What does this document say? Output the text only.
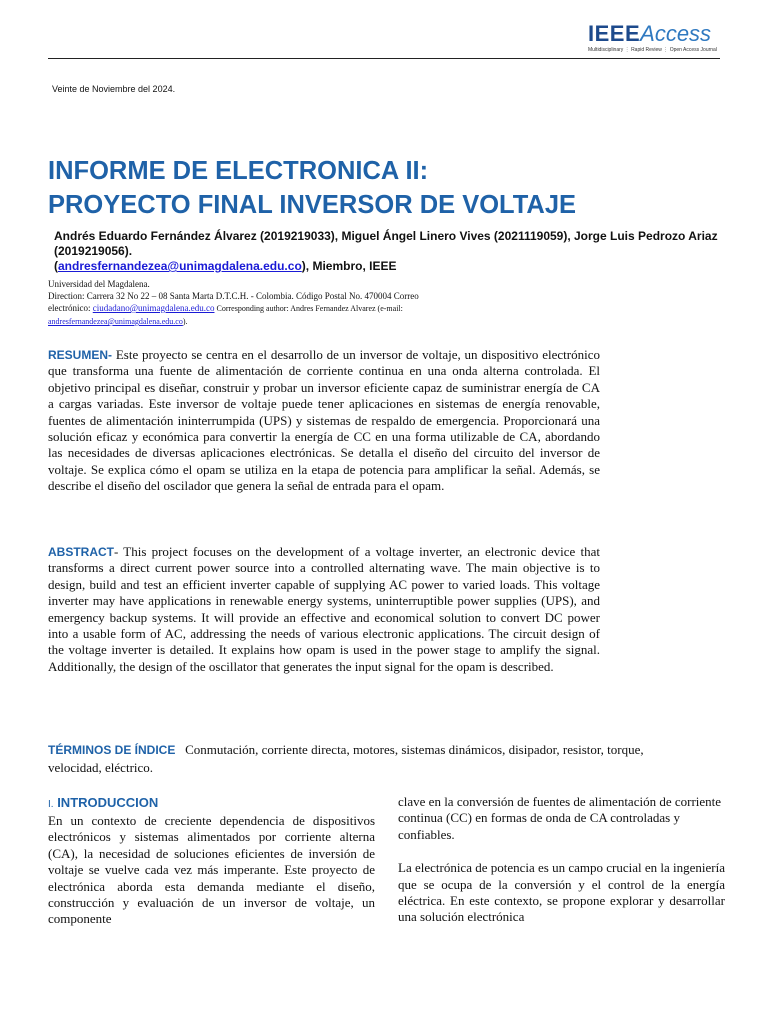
IEEEAccess
Multidisciplinary ⋮ Rapid Review ⋮ Open Access Journal
Veinte de Noviembre del 2024.
INFORME DE ELECTRONICA II:
PROYECTO FINAL INVERSOR DE VOLTAJE
Andrés Eduardo Fernández Álvarez (2019219033), Miguel Ángel Linero Vives (2021119059), Jorge Luis Pedrozo Ariaz (2019219056).
(andresfernandezea@unimagdalena.edu.co), Miembro, IEEE
Universidad del Magdalena.
Direction: Carrera 32 No 22 – 08 Santa Marta D.T.C.H. - Colombia. Código Postal No. 470004 Correo electrónico: ciudadano@unimagdalena.edu.co Corresponding author: Andres Fernandez Alvarez (e-mail: andresfernandezea@unimagdalena.edu.co).
RESUMEN- Este proyecto se centra en el desarrollo de un inversor de voltaje, un dispositivo electrónico que transforma una fuente de alimentación de corriente continua en una onda alterna controlada. El objetivo principal es diseñar, construir y probar un inversor eficiente capaz de suministrar energía de CA a cargas variadas. Este inversor de voltaje puede tener aplicaciones en sistemas de energía renovable, fuentes de alimentación ininterrumpida (UPS) y sistemas de respaldo de emergencia. Proporcionará una solución eficaz y económica para convertir la energía de CC en una forma utilizable de CA, abordando las necesidades de diversas aplicaciones electrónicas. Se detalla el diseño del circuito del inversor de voltaje. Se explica cómo el opam se utiliza en la etapa de potencia para amplificar la señal. Además, se describe el diseño del oscilador que genera la señal de entrada para el opam.
ABSTRACT- This project focuses on the development of a voltage inverter, an electronic device that transforms a direct current power source into a controlled alternating wave. The main objective is to design, build and test an efficient inverter capable of supplying AC power to varied loads. This voltage inverter may have applications in renewable energy systems, uninterruptible power supplies (UPS), and emergency backup systems. It will provide an effective and economical solution to convert DC power into a usable form of AC, addressing the needs of various electronic applications. The circuit design of the voltage inverter is detailed. It explains how opam is used in the power stage to amplify the signal. Additionally, the design of the oscillator that generates the input signal for the opam is described.
TÉRMINOS DE ÍNDICE Conmutación, corriente directa, motores, sistemas dinámicos, disipador, resistor, torque, velocidad, eléctrico.
I. INTRODUCCION

En un contexto de creciente dependencia de dispositivos electrónicos y sistemas alimentados por corriente alterna (CA), la necesidad de soluciones eficientes de inversión de voltaje se vuelve cada vez más imperante. Este proyecto de electrónica aborda esta demanda mediante el diseño, construcción y evaluación de un inversor de voltaje, un componente

clave en la conversión de fuentes de alimentación de corriente

continua (CC) en formas de onda de CA controladas y confiables.

La electrónica de potencia es un campo crucial en la ingeniería que se ocupa de la conversión y el control de la energía eléctrica. En este contexto, se propone explorar y desarrollar una solución electrónica
